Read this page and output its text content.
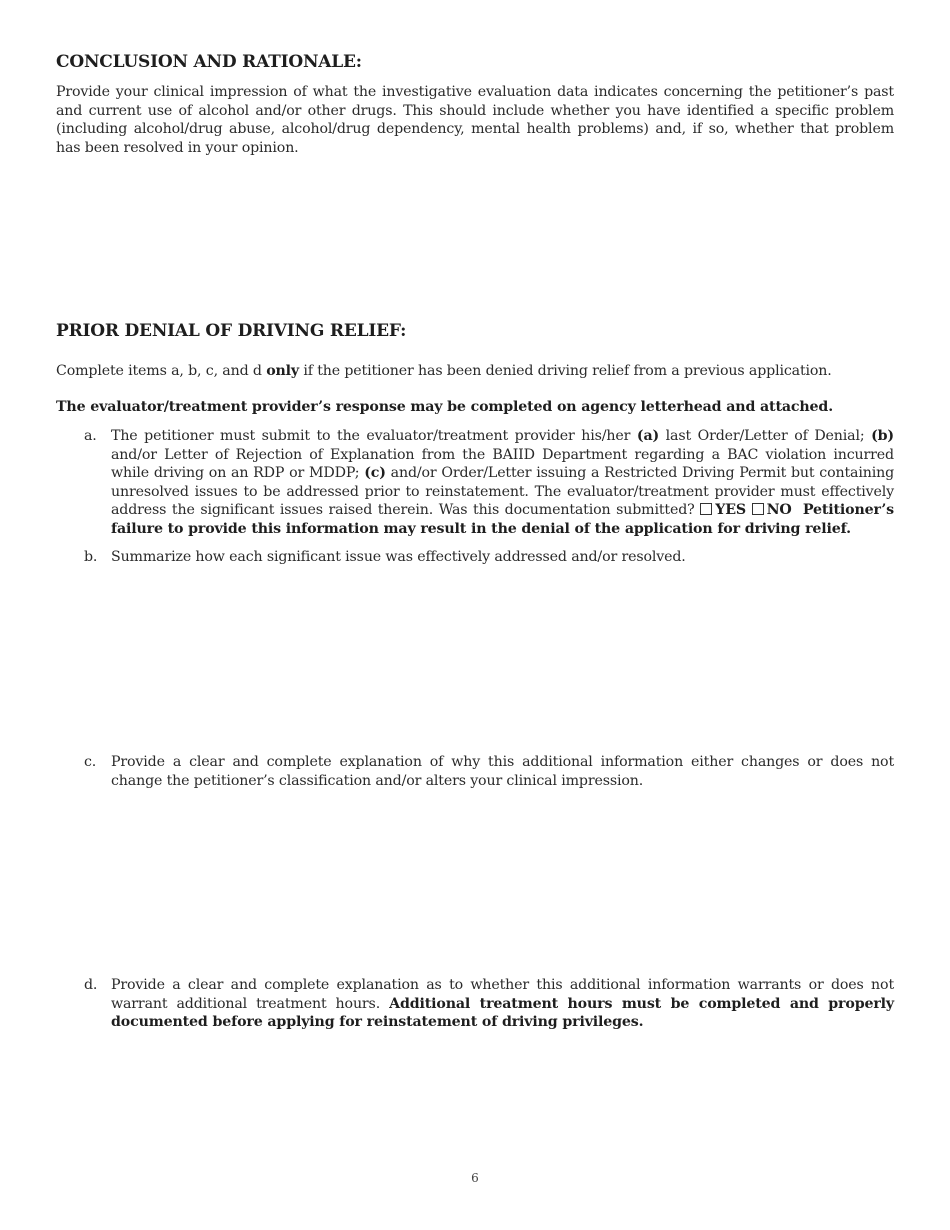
CONCLUSION AND RATIONALE:

Provide your clinical impression of what the investigative evaluation data indicates concerning the petitioner’s past and current use of alcohol and/or other drugs. This should include whether you have identified a specific problem (including alcohol/drug abuse, alcohol/drug dependency, mental health problems) and, if so, whether that problem has been resolved in your opinion.

PRIOR DENIAL OF DRIVING RELIEF:

Complete items a, b, c, and d only if the petitioner has been denied driving relief from a previous application.

The evaluator/treatment provider’s response may be completed on agency letterhead and attached.

a. The petitioner must submit to the evaluator/treatment provider his/her (a) last Order/Letter of Denial; (b) and/or Letter of Rejection of Explanation from the BAIID Department regarding a BAC violation incurred while driving on an RDP or MDDP; (c) and/or Order/Letter issuing a Restricted Driving Permit but containing unresolved issues to be addressed prior to reinstatement. The evaluator/treatment provider must effectively address the significant issues raised therein. Was this documentation submitted? YES NO Petitioner’s failure to provide this information may result in the denial of the application for driving relief.
b. Summarize how each significant issue was effectively addressed and/or resolved.
c. Provide a clear and complete explanation of why this additional information either changes or does not change the petitioner’s classification and/or alters your clinical impression.
d. Provide a clear and complete explanation as to whether this additional information warrants or does not warrant additional treatment hours. Additional treatment hours must be completed and properly documented before applying for reinstatement of driving privileges.
6
